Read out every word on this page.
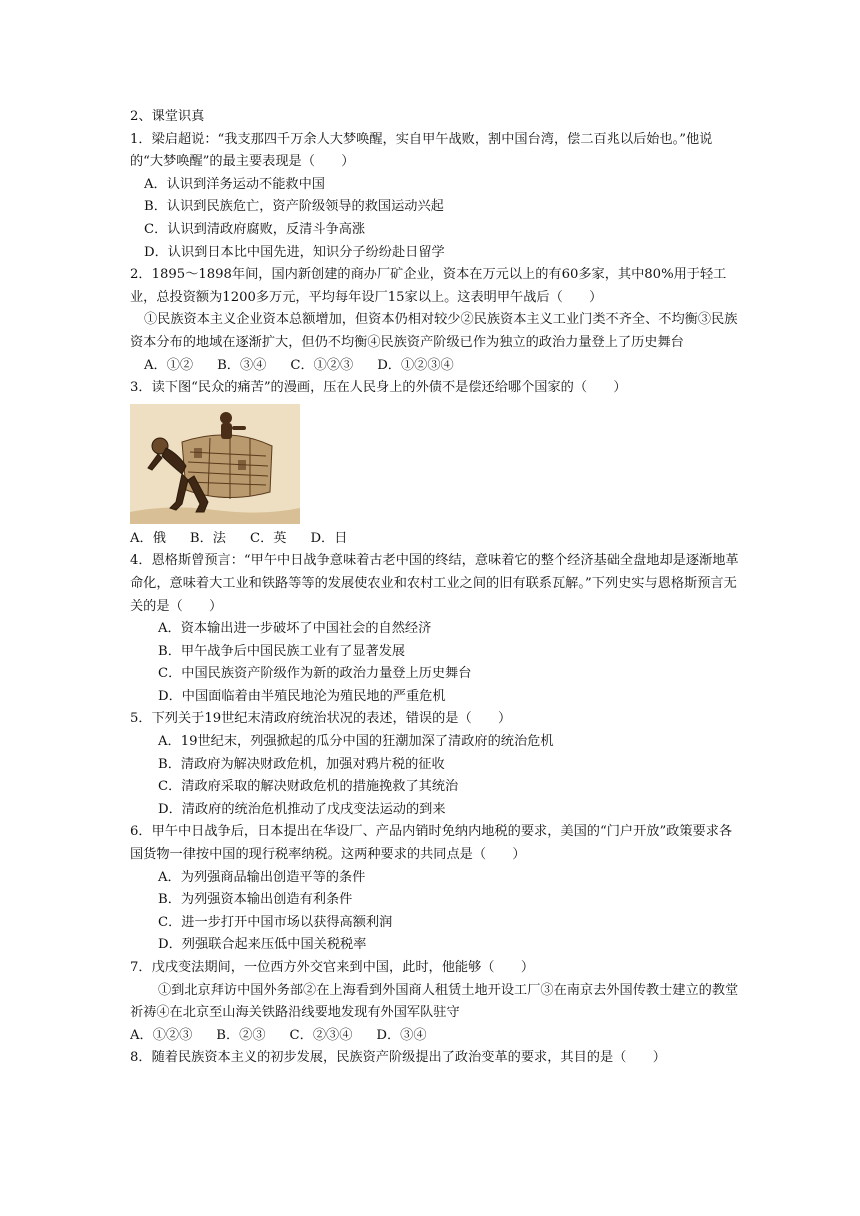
2、课堂识真
1．梁启超说：“我支那四千万余人大梦唤醒，实自甲午战败，割中国台湾，偿二百兆以后始也。”他说的“大梦唤醒”的最主要表现是（　　）
A．认识到洋务运动不能救中国
B．认识到民族危亡，资产阶级领导的救国运动兴起
C．认识到清政府腐败，反清斗争高涨
D．认识到日本比中国先进，知识分子纷纷赴日留学
2．1895～1898年间，国内新创建的商办厂矿企业，资本在万元以上的有60多家，其中80%用于轻工业，总投资额为1200多万元，平均每年设厂15家以上。这表明甲午战后（　　）
①民族资本主义企业资本总额增加，但资本仍相对较少②民族资本主义工业门类不齐全、不均衡③民族资本分布的地域在逐渐扩大，但仍不均衡④民族资产阶级已作为独立的政治力量登上了历史舞台
A．①② B．③④ C．①②③ D．①②③④
3．读下图“民众的痛苦”的漫画，压在人民身上的外债不是偿还给哪个国家的（　　）
A．俄 B．法 C．英 D．日
4．恩格斯曾预言：“甲午中日战争意味着古老中国的终结，意味着它的整个经济基础全盘地却是逐渐地革命化，意味着大工业和铁路等等的发展使农业和农村工业之间的旧有联系瓦解。”下列史实与恩格斯预言无关的是（　　）
A．资本输出进一步破坏了中国社会的自然经济
B．甲午战争后中国民族工业有了显著发展
C．中国民族资产阶级作为新的政治力量登上历史舞台
D．中国面临着由半殖民地沦为殖民地的严重危机
5．下列关于19世纪末清政府统治状况的表述，错误的是（　　）
A．19世纪末，列强掀起的瓜分中国的狂潮加深了清政府的统治危机
B．清政府为解决财政危机，加强对鸦片税的征收
C．清政府采取的解决财政危机的措施挽救了其统治
D．清政府的统治危机推动了戊戌变法运动的到来
6．甲午中日战争后，日本提出在华设厂、产品内销时免纳内地税的要求，美国的“门户开放”政策要求各国货物一律按中国的现行税率纳税。这两种要求的共同点是（　　）
A．为列强商品输出创造平等的条件
B．为列强资本输出创造有利条件
C．进一步打开中国市场以获得高额利润
D．列强联合起来压低中国关税税率
7．戊戌变法期间，一位西方外交官来到中国，此时，他能够（　　）
①到北京拜访中国外务部②在上海看到外国商人租赁土地开设工厂③在南京去外国传教士建立的教堂祈祷④在北京至山海关铁路沿线要地发现有外国军队驻守
A．①②③ B．②③ C．②③④ D．③④
8．随着民族资本主义的初步发展，民族资产阶级提出了政治变革的要求，其目的是（　　）
